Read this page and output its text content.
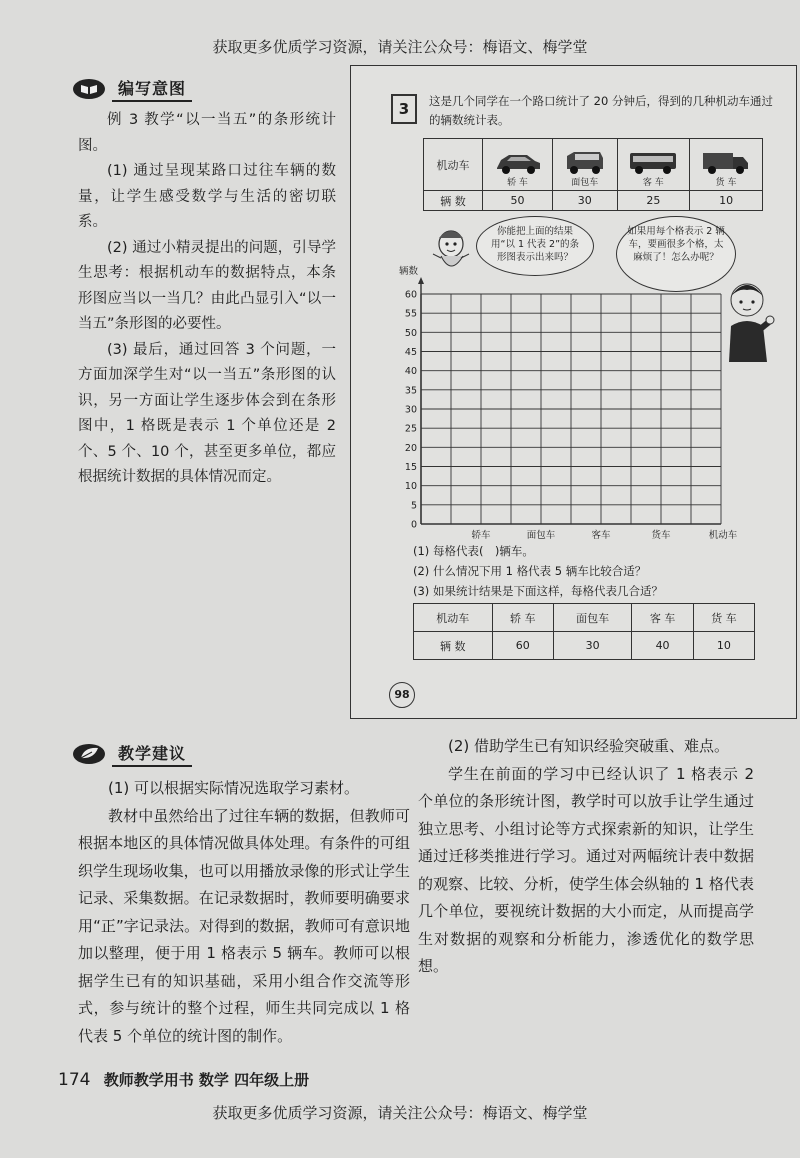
获取更多优质学习资源，请关注公众号：梅语文、梅学堂
编写意图

例 3 教学“以一当五”的条形统计图。

(1) 通过呈现某路口过往车辆的数量，让学生感受数学与生活的密切联系。

(2) 通过小精灵提出的问题，引导学生思考：根据机动车的数据特点，本条形图应当以一当几？由此凸显引入“以一当五”条形图的必要性。

(3) 最后，通过回答 3 个问题，一方面加深学生对“以一当五”条形图的认识，另一方面让学生逐步体会到在条形图中，1 格既是表示 1 个单位还是 2 个、5 个、10 个，甚至更多单位，都应根据统计数据的具体情况而定。

3	这是几个同学在一个路口统计了 20 分钟后，得到的几种机动车通过的辆数统计表。
机动车	轿 车	面包车	客 车	货 车

辆 数	50	30	25	10
你能把上面的结果用“以 1 代表 2”的条形图表示出来吗？
如果用每个格表示 2 辆车，要画很多个格，太麻烦了！怎么办呢？
0
5
10
15
20
25
30
35
40
45
50
55
60
辆数
轿车	面包车	客车	货车	机动车
(1) 每格代表(　)辆车。
(2) 什么情况下用 1 格代表 5 辆车比较合适？
(3) 如果统计结果是下面这样，每格代表几合适？
机动车	轿 车	面包车	客 车	货 车
辆 数	60	30	40	10
98
教学建议

(1) 可以根据实际情况选取学习素材。

教材中虽然给出了过往车辆的数据，但教师可根据本地区的具体情况做具体处理。有条件的可组织学生现场收集，也可以用播放录像的形式让学生记录、采集数据。在记录数据时，教师要明确要求用“正”字记录法。对得到的数据，教师可有意识地加以整理，便于用 1 格表示 5 辆车。教师可以根据学生已有的知识基础，采用小组合作交流等形式，参与统计的整个过程，师生共同完成以 1 格代表 5 个单位的统计图的制作。

(2) 借助学生已有知识经验突破重、难点。

学生在前面的学习中已经认识了 1 格表示 2 个单位的条形统计图，教学时可以放手让学生通过独立思考、小组讨论等方式探索新的知识，让学生通过迁移类推进行学习。通过对两幅统计表中数据的观察、比较、分析，使学生体会纵轴的 1 格代表几个单位，要视统计数据的大小而定，从而提高学生对数据的观察和分析能力，渗透优化的数学思想。

174 教师教学用书 数学 四年级上册
获取更多优质学习资源，请关注公众号：梅语文、梅学堂
